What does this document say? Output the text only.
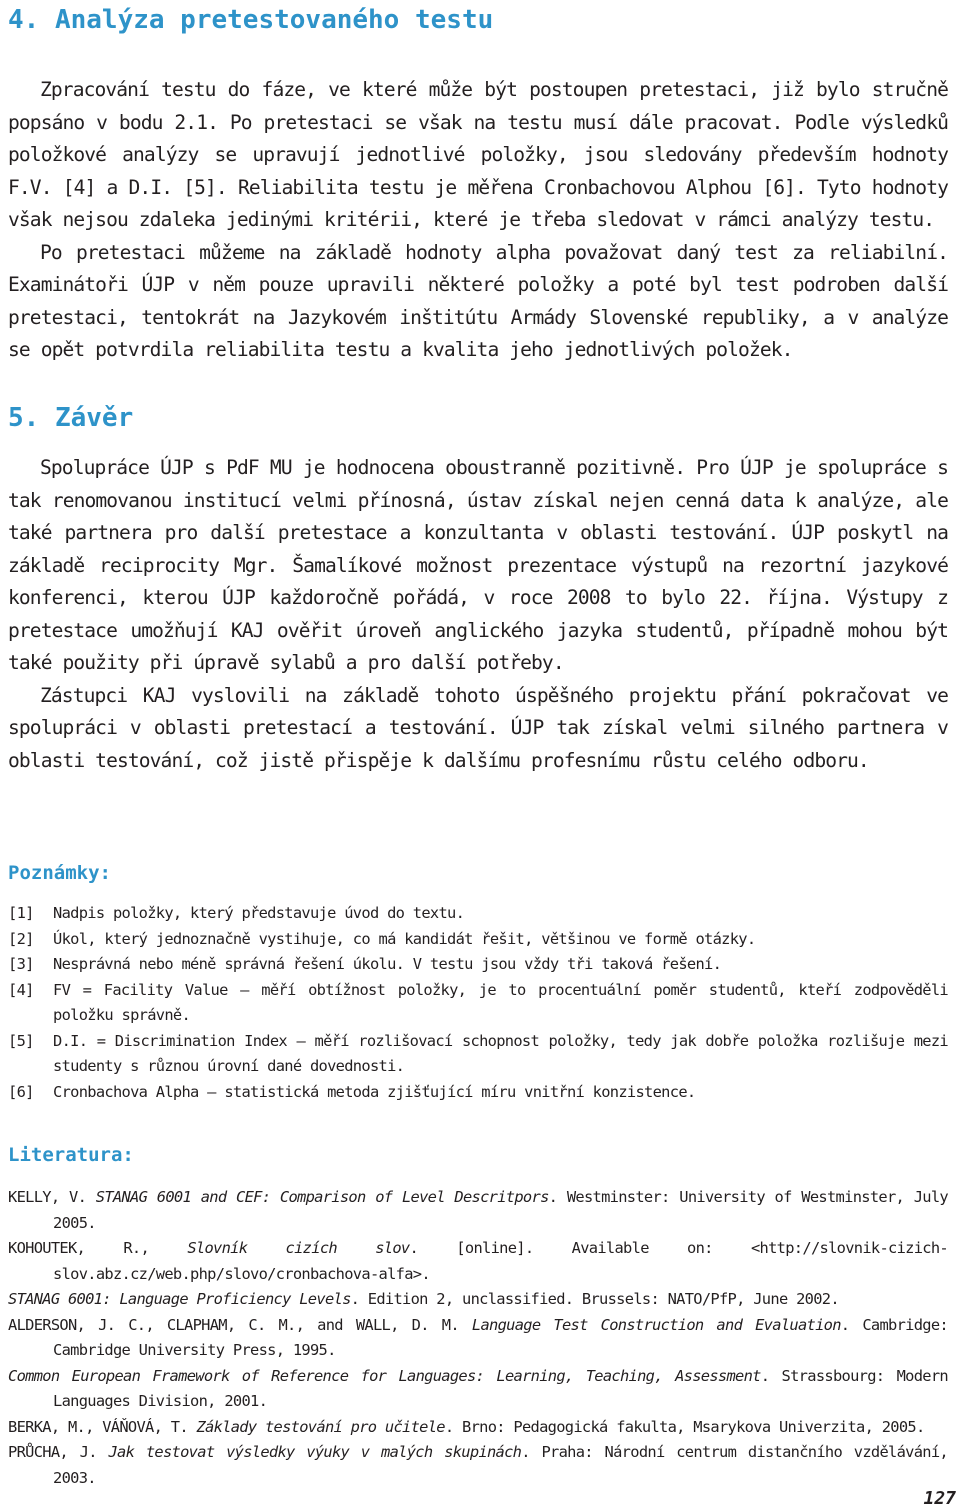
4. Analýza pretestovaného testu

Zpracování testu do fáze, ve které může být postoupen pretestaci, již bylo stručně popsáno v bodu 2.1. Po pretestaci se však na testu musí dále pracovat. Podle výsledků položkové analýzy se upravují jednotlivé položky, jsou sledovány především hodnoty F.V. [4] a D.I. [5]. Reliabilita testu je měřena Cronbachovou Alphou [6]. Tyto hodnoty však nejsou zdaleka jedinými kritérii, které je třeba sledovat v rámci analýzy testu.

Po pretestaci můžeme na základě hodnoty alpha považovat daný test za reliabilní. Examinátoři ÚJP v něm pouze upravili některé položky a poté byl test podroben další pretestaci, tentokrát na Jazykovém inštitútu Armády Slovenské republiky, a v analýze se opět potvrdila reliabilita testu a kvalita jeho jednotlivých položek.

5. Závěr

Spolupráce ÚJP s PdF MU je hodnocena oboustranně pozitivně. Pro ÚJP je spolupráce s tak renomovanou institucí velmi přínosná, ústav získal nejen cenná data k analýze, ale také partnera pro další pretestace a konzultanta v oblasti testování. ÚJP poskytl na základě reciprocity Mgr. Šamalíkové možnost prezentace výstupů na rezortní jazykové konferenci, kterou ÚJP každoročně pořádá, v roce 2008 to bylo 22. října. Výstupy z pretestace umožňují KAJ ověřit úroveň anglického jazyka studentů, případně mohou být také použity při úpravě sylabů a pro další potřeby.

Zástupci KAJ vyslovili na základě tohoto úspěšného projektu přání pokračovat ve spolupráci v oblasti pretestací a testování. ÚJP tak získal velmi silného partnera v oblasti testování, což jistě přispěje k dalšímu profesnímu růstu celého odboru.

Poznámky:
[1] Nadpis položky, který představuje úvod do textu.
[2] Úkol, který jednoznačně vystihuje, co má kandidát řešit, většinou ve formě otázky.
[3] Nesprávná nebo méně správná řešení úkolu. V testu jsou vždy tři taková řešení.
[4] FV = Facility Value – měří obtížnost položky, je to procentuální poměr studentů, kteří zodpověděli položku správně.
[5] D.I. = Discrimination Index – měří rozlišovací schopnost položky, tedy jak dobře položka rozlišuje mezi studenty s různou úrovní dané dovednosti.
[6] Cronbachova Alpha – statistická metoda zjišťující míru vnitřní konzistence.
Literatura:
KELLY, V. STANAG 6001 and CEF: Comparison of Level Descritpors. Westminster: University of Westminster, July 2005.
KOHOUTEK, R., Slovník cizích slov. [online]. Available on: <http://slovnik-cizich-slov.abz.cz/web.php/slovo/cronbachova-alfa>.
STANAG 6001: Language Proficiency Levels. Edition 2, unclassified. Brussels: NATO/PfP, June 2002.
ALDERSON, J. C., CLAPHAM, C. M., and WALL, D. M. Language Test Construction and Evaluation. Cambridge: Cambridge University Press, 1995.
Common European Framework of Reference for Languages: Learning, Teaching, Assessment. Strassbourg: Modern Languages Division, 2001.
BERKA, M., VÁŇOVÁ, T. Základy testování pro učitele. Brno: Pedagogická fakulta, Msarykova Univerzita, 2005.
PRŮCHA, J. Jak testovat výsledky výuky v malých skupinách. Praha: Národní centrum distančního vzdělávání, 2003.
127
